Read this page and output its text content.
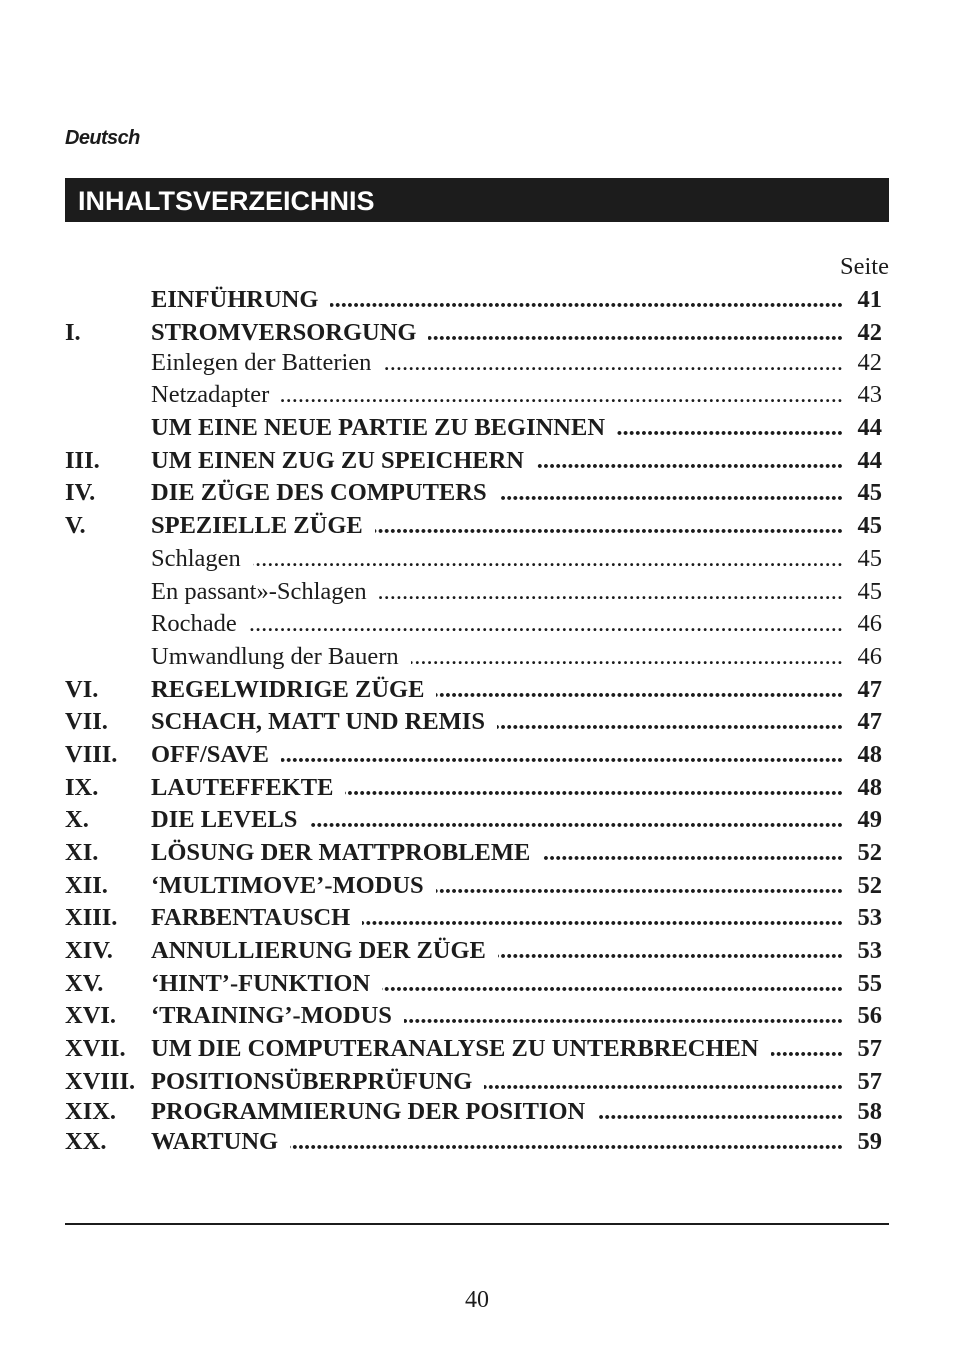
Deutsch
INHALTSVERZEICHNIS
Seite
EINFÜHRUNG .....	41
I.	STROMVERSORGUNG .....	42
Einlegen der Batterien .....	42
Netzadapter .....	43
UM EINE NEUE PARTIE ZU BEGINNEN .....	44
III.	UM EINEN ZUG ZU SPEICHERN .....	44
IV.	DIE ZÜGE DES COMPUTERS .....	45
V.	SPEZIELLE ZÜGE .....	45
Schlagen .....	45
En passant»-Schlagen .....	45
Rochade .....	46
Umwandlung der Bauern .....	46
VI.	REGELWIDRIGE ZÜGE .....	47
VII.	SCHACH, MATT UND REMIS .....	47
VIII.	OFF/SAVE .....	48
IX.	LAUTEFFEKTE .....	48
X.	DIE LEVELS .....	49
XI.	LÖSUNG DER MATTPROBLEME .....	52
XII.	‘MULTIMOVE’-MODUS .....	52
XIII.	FARBENTAUSCH .....	53
XIV.	ANNULLIERUNG DER ZÜGE .....	53
XV.	‘HINT’-FUNKTION .....	55
XVI.	‘TRAINING’-MODUS .....	56
XVII.	UM DIE COMPUTERANALYSE ZU UNTERBRECHEN .....	57
XVIII. POSITIONSÜBERPRÜFUNG .....	57
XIX.	PROGRAMMIERUNG DER POSITION .....	58
XX.	WARTUNG .....	59
40
